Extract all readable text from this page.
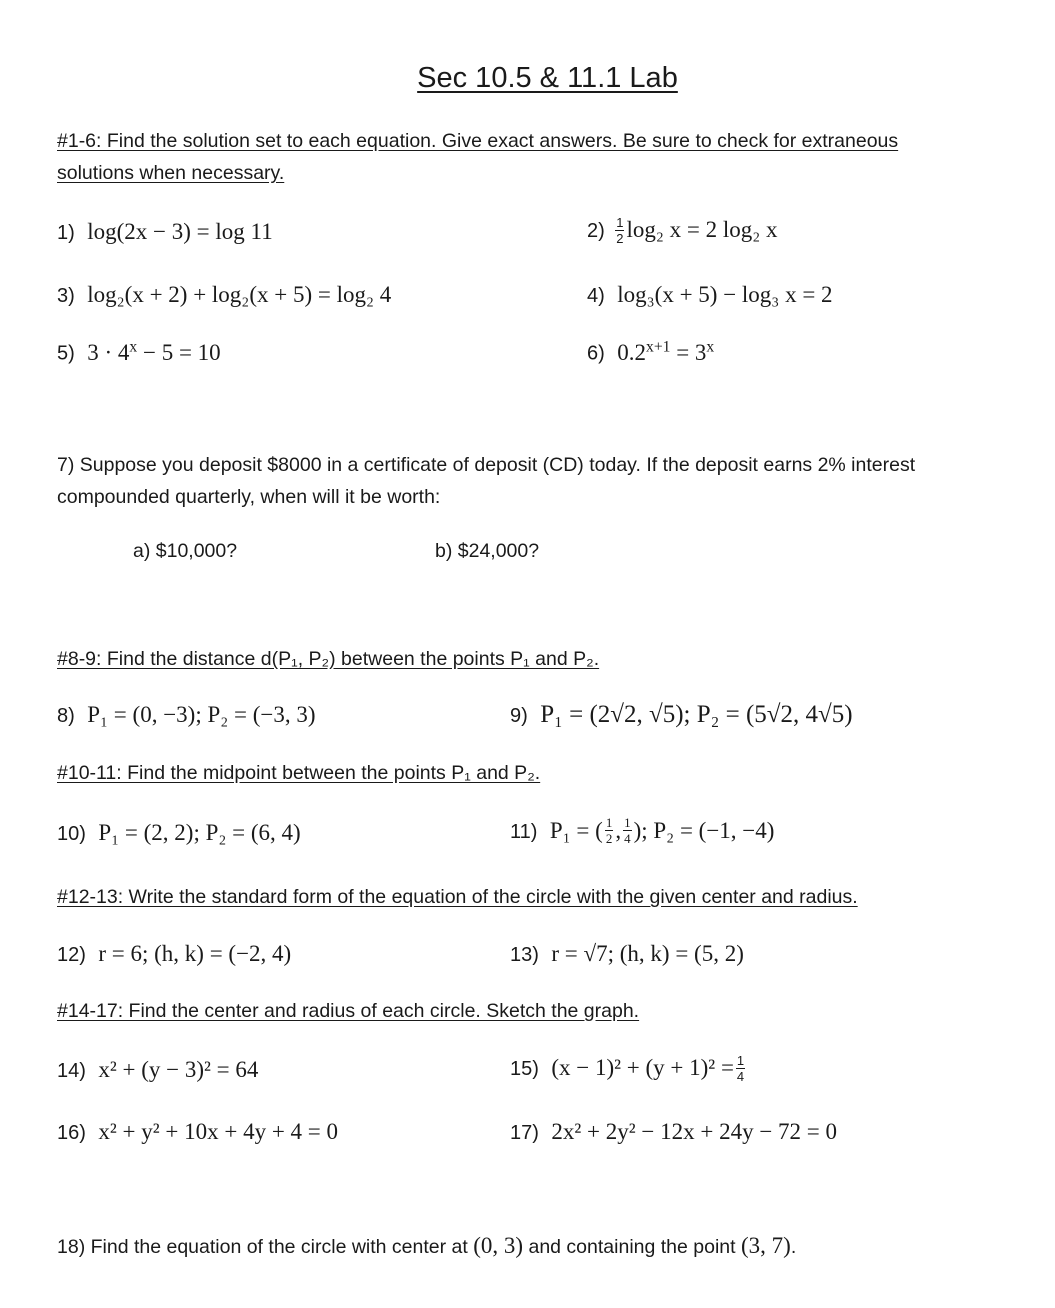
Sec 10.5 & 11.1 Lab
#1-6: Find the solution set to each equation. Give exact answers. Be sure to check for extraneous
solutions when necessary.
1) log(2x − 3) = log 11	$2) \frac{1}{2} \log_2$ x = 2 log₂ x
3) log₂(x + 2) + log₂(x + 5) = log₂ 4	4) log₃(x + 5) − log₃ x = 2
5) $3 \cdot 4^x - 5 = 10$	6) $0.2^{x+1} = 3^x$
7) Suppose you deposit $8000 in a certificate of deposit (CD) today. If the deposit earns 2% interest
compounded quarterly, when will it be worth:
a) $10,000?	b) $24,000?
#8-9: Find the distance d(P₁, P₂) between the points P₁ and P₂.
8) P₁ = (0, −3); P₂ = (−3, 3)	9) P₁ = (2√2, √5); P₂ = (5√2, 4√5)
#10-11: Find the midpoint between the points P₁ and P₂.
10) P₁ = (2, 2); P₂ = (6, 4)	11) P₁ = ( $\frac{1}{2}$ , $\frac{1}{4}$ ); P₂ = (−1, −4)
#12-13: Write the standard form of the equation of the circle with the given center and radius.
12) r = 6; (h, k) = (−2, 4)	13) r = √7; (h, k) = (5, 2)
#14-17: Find the center and radius of each circle. Sketch the graph.
14) x² + (y − 3)² = 64	15) $(x - 1)^2 + (y + 1)^2 = \frac{1}{4}$
16) x² + y² + 10x + 4y + 4 = 0	17) 2x² + 2y² − 12x + 24y − 72 = 0
18) Find the equation of the circle with center at (0, 3) and containing the point (3, 7).
